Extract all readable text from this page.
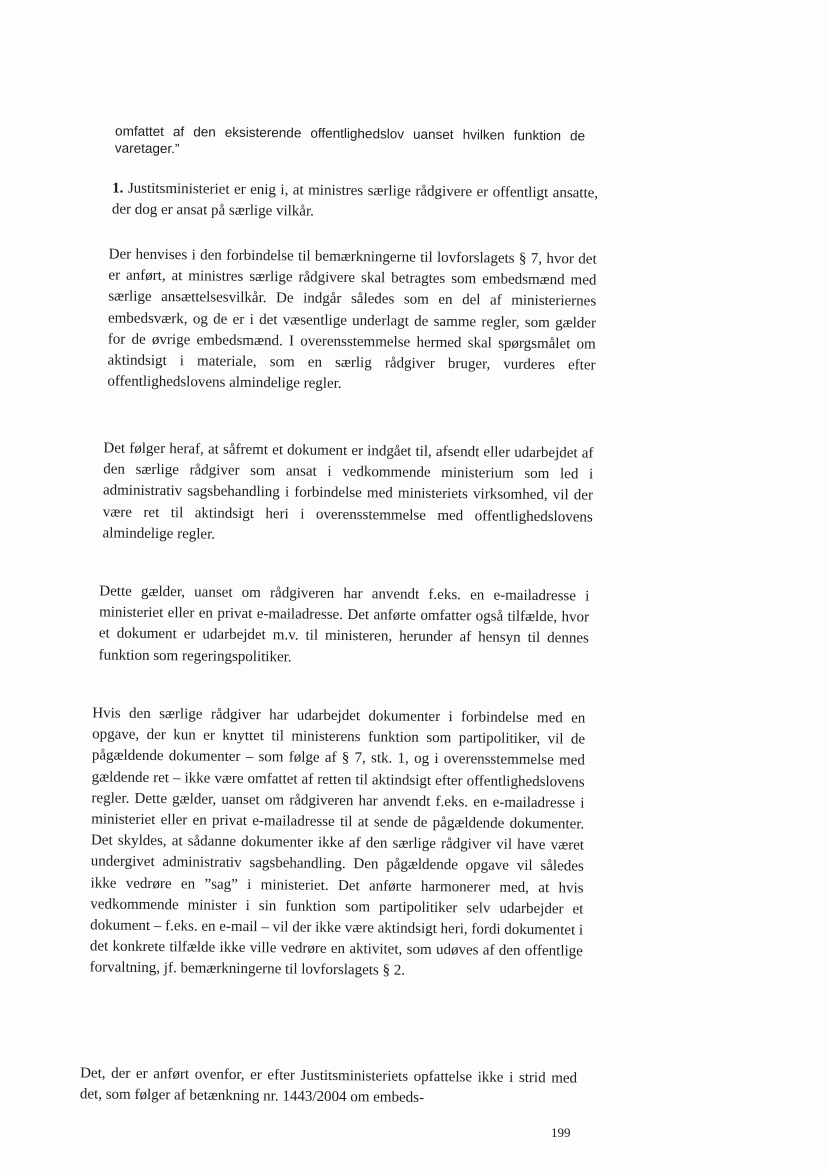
omfattet af den eksisterende offentlighedslov uanset hvilken funktion de varetager.”

1. Justitsministeriet er enig i, at ministres særlige rådgivere er offentligt ansatte, der dog er ansat på særlige vilkår.

Der henvises i den forbindelse til bemærkningerne til lovforslagets § 7, hvor det er anført, at ministres særlige rådgivere skal betragtes som embedsmænd med særlige ansættelsesvilkår. De indgår således som en del af ministeriernes embedsværk, og de er i det væsentlige underlagt de samme regler, som gælder for de øvrige embedsmænd. I overensstemmelse hermed skal spørgsmålet om aktindsigt i materiale, som en særlig rådgiver bruger, vurderes efter offentlighedslovens almindelige regler.

Det følger heraf, at såfremt et dokument er indgået til, afsendt eller udarbejdet af den særlige rådgiver som ansat i vedkommende ministerium som led i administrativ sagsbehandling i forbindelse med ministeriets virksomhed, vil der være ret til aktindsigt heri i overensstemmelse med offentlighedslovens almindelige regler.

Dette gælder, uanset om rådgiveren har anvendt f.eks. en e-mailadresse i ministeriet eller en privat e-mailadresse. Det anførte omfatter også tilfælde, hvor et dokument er udarbejdet m.v. til ministeren, herunder af hensyn til dennes funktion som regeringspolitiker.

Hvis den særlige rådgiver har udarbejdet dokumenter i forbindelse med en opgave, der kun er knyttet til ministerens funktion som partipolitiker, vil de pågældende dokumenter – som følge af § 7, stk. 1, og i overensstemmelse med gældende ret – ikke være omfattet af retten til aktindsigt efter offentlighedslovens regler. Dette gælder, uanset om rådgiveren har anvendt f.eks. en e-mailadresse i ministeriet eller en privat e-mailadresse til at sende de pågældende dokumenter. Det skyldes, at sådanne dokumenter ikke af den særlige rådgiver vil have været undergivet administrativ sagsbehandling. Den pågældende opgave vil således ikke vedrøre en ”sag” i ministeriet. Det anførte harmonerer med, at hvis vedkommende minister i sin funktion som partipolitiker selv udarbejder et dokument – f.eks. en e-mail – vil der ikke være aktindsigt heri, fordi dokumentet i det konkrete tilfælde ikke ville vedrøre en aktivitet, som udøves af den offentlige forvaltning, jf. bemærkningerne til lovforslagets § 2.

Det, der er anført ovenfor, er efter Justitsministeriets opfattelse ikke i strid med det, som følger af betænkning nr. 1443/2004 om embeds-

199
